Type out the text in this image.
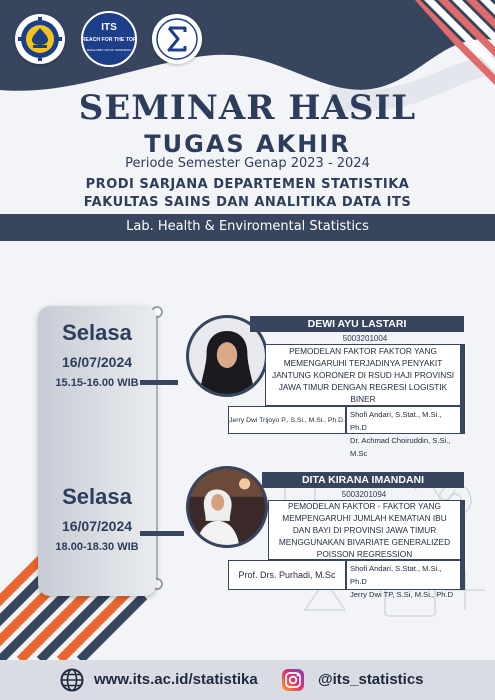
ITS
REACH FOR THE TOP
MENGABDI UNTUK INDONESIA
SEMINAR HASIL
TUGAS AKHIR
Periode Semester Genap 2023 - 2024
PRODI SARJANA DEPARTEMEN STATISTIKA
FAKULTAS SAINS DAN ANALITIKA DATA ITS
Lab. Health & Enviromental Statistics
Selasa
16/07/2024
15.15-16.00 WIB
Selasa
16/07/2024
18.00-18.30 WIB
DEWI AYU LASTARI
5003201004
PEMODELAN FAKTOR FAKTOR YANG MEMENGARUHI TERJADINYA PENYAKIT JANTUNG KORONER DI RSUD HAJI PROVINSI JAWA TIMUR DENGAN REGRESI LOGISTIK BINER
Jerry Dwi Trijoyo P., S.Si., M.Si., Ph.D.
Shofi Andari, S.Stat., M.Si., Ph.D
Dr. Achmad Choiruddin, S.Si., M.Sc
DITA KIRANA IMANDANI
5003201094
PEMODELAN FAKTOR - FAKTOR YANG MEMPENGARUHI JUMLAH KEMATIAN IBU DAN BAYI DI PROVINSI JAWA TIMUR MENGGUNAKAN BIVARIATE GENERALIZED POISSON REGRESSION
Prof. Drs. Purhadi, M.Sc
Shofi Andari, S.Stat., M.Si., Ph.D
Jerry Dwi TP, S.Si, M.Si., Ph.D
www.its.ac.id/statistika	@its_statistics
